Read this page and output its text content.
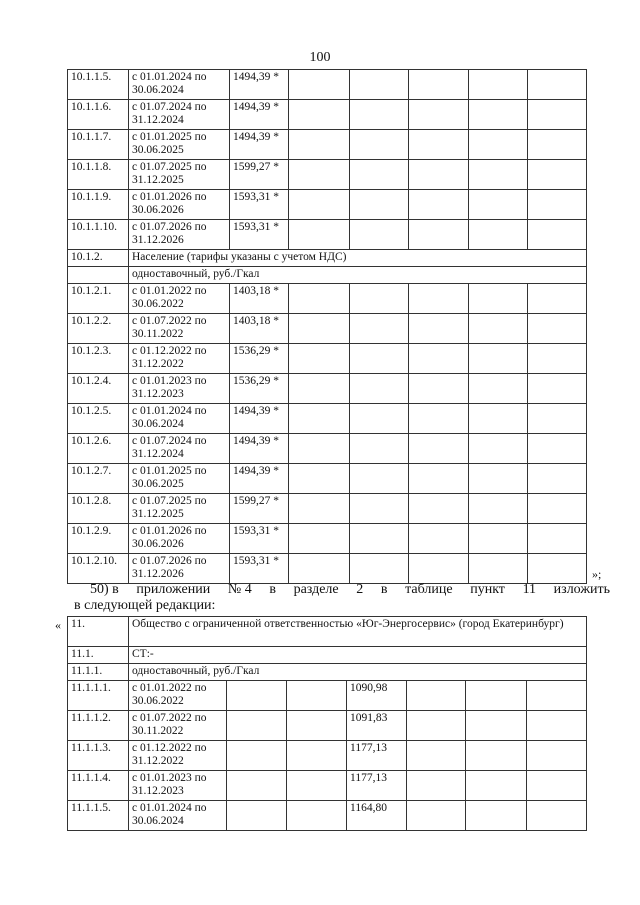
100
10.1.1.5.	с 01.01.2024 по 30.06.2024	1494,39 *					
10.1.1.6.	с 01.07.2024 по 31.12.2024	1494,39 *					
10.1.1.7.	с 01.01.2025 по 30.06.2025	1494,39 *					
10.1.1.8.	с 01.07.2025 по 31.12.2025	1599,27 *					
10.1.1.9.	с 01.01.2026 по 30.06.2026	1593,31 *					
10.1.1.10.	с 01.07.2026 по 31.12.2026	1593,31 *					
10.1.2.	Население (тарифы указаны с учетом НДС)						
	одноставочный, руб./Гкал						
10.1.2.1.	с 01.01.2022 по 30.06.2022	1403,18 *					
10.1.2.2.	с 01.07.2022 по 30.11.2022	1403,18 *					
10.1.2.3.	с 01.12.2022 по 31.12.2022	1536,29 *					
10.1.2.4.	с 01.01.2023 по 31.12.2023	1536,29 *					
10.1.2.5.	с 01.01.2024 по 30.06.2024	1494,39 *					
10.1.2.6.	с 01.07.2024 по 31.12.2024	1494,39 *					
10.1.2.7.	с 01.01.2025 по 30.06.2025	1494,39 *					
10.1.2.8.	с 01.07.2025 по 31.12.2025	1599,27 *					
10.1.2.9.	с 01.01.2026 по 30.06.2026	1593,31 *					
10.1.2.10.	с 01.07.2026 по 31.12.2026	1593,31 *					
»;
50) в приложении № 4 в разделе 2 в таблице пункт 11 изложить
в следующей редакции:
« 11.	Общество с ограниченной ответственностью «Юг-Энергосервис» (город Екатеринбург)						
11.1.	СТ:-						
11.1.1.	одноставочный, руб./Гкал						
11.1.1.1.	с 01.01.2022 по 30.06.2022			1090,98			
11.1.1.2.	с 01.07.2022 по 30.11.2022			1091,83			
11.1.1.3.	с 01.12.2022 по 31.12.2022			1177,13			
11.1.1.4.	с 01.01.2023 по 31.12.2023			1177,13			
11.1.1.5.	с 01.01.2024 по 30.06.2024			1164,80			
